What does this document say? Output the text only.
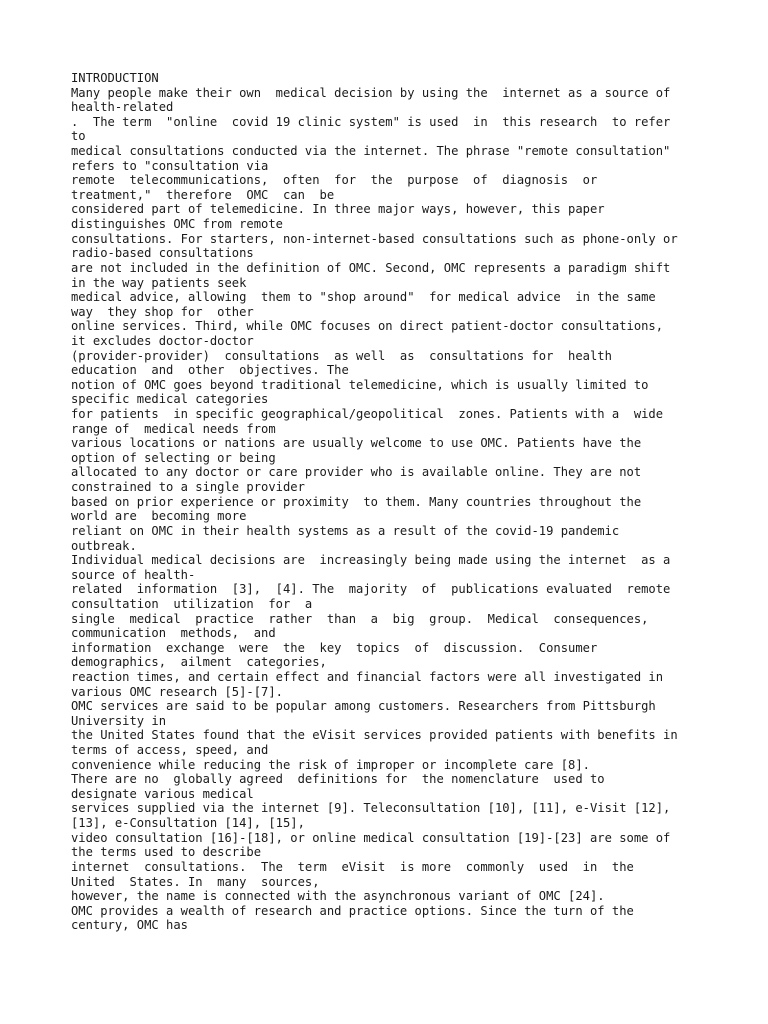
INTRODUCTION
Many people make their own  medical decision by using the  internet as a source of
health-related
.  The term  "online  covid 19 clinic system" is used  in  this research  to refer
to
medical consultations conducted via the internet. The phrase "remote consultation"
refers to "consultation via
remote  telecommunications,  often  for  the  purpose  of  diagnosis  or
treatment,"  therefore  OMC  can  be
considered part of telemedicine. In three major ways, however, this paper
distinguishes OMC from remote
consultations. For starters, non-internet-based consultations such as phone-only or
radio-based consultations
are not included in the definition of OMC. Second, OMC represents a paradigm shift
in the way patients seek
medical advice, allowing  them to "shop around"  for medical advice  in the same
way  they shop for  other
online services. Third, while OMC focuses on direct patient-doctor consultations,
it excludes doctor-doctor
(provider-provider)  consultations  as well  as  consultations for  health
education  and  other  objectives. The
notion of OMC goes beyond traditional telemedicine, which is usually limited to
specific medical categories
for patients  in specific geographical/geopolitical  zones. Patients with a  wide
range of  medical needs from
various locations or nations are usually welcome to use OMC. Patients have the
option of selecting or being
allocated to any doctor or care provider who is available online. They are not
constrained to a single provider
based on prior experience or proximity  to them. Many countries throughout the
world are  becoming more
reliant on OMC in their health systems as a result of the covid-19 pandemic
outbreak.
Individual medical decisions are  increasingly being made using the internet  as a
source of health-
related  information  [3],  [4]. The  majority  of  publications evaluated  remote
consultation  utilization  for  a
single  medical  practice  rather  than  a  big  group.  Medical  consequences,
communication  methods,  and
information  exchange  were  the  key  topics  of  discussion.  Consumer
demographics,  ailment  categories,
reaction times, and certain effect and financial factors were all investigated in
various OMC research [5]-[7].
OMC services are said to be popular among customers. Researchers from Pittsburgh
University in
the United States found that the eVisit services provided patients with benefits in
terms of access, speed, and
convenience while reducing the risk of improper or incomplete care [8].
There are no  globally agreed  definitions for  the nomenclature  used to
designate various medical
services supplied via the internet [9]. Teleconsultation [10], [11], e-Visit [12],
[13], e-Consultation [14], [15],
video consultation [16]-[18], or online medical consultation [19]-[23] are some of
the terms used to describe
internet  consultations.  The  term  eVisit  is more  commonly  used  in  the
United  States. In  many  sources,
however, the name is connected with the asynchronous variant of OMC [24].
OMC provides a wealth of research and practice options. Since the turn of the
century, OMC has
